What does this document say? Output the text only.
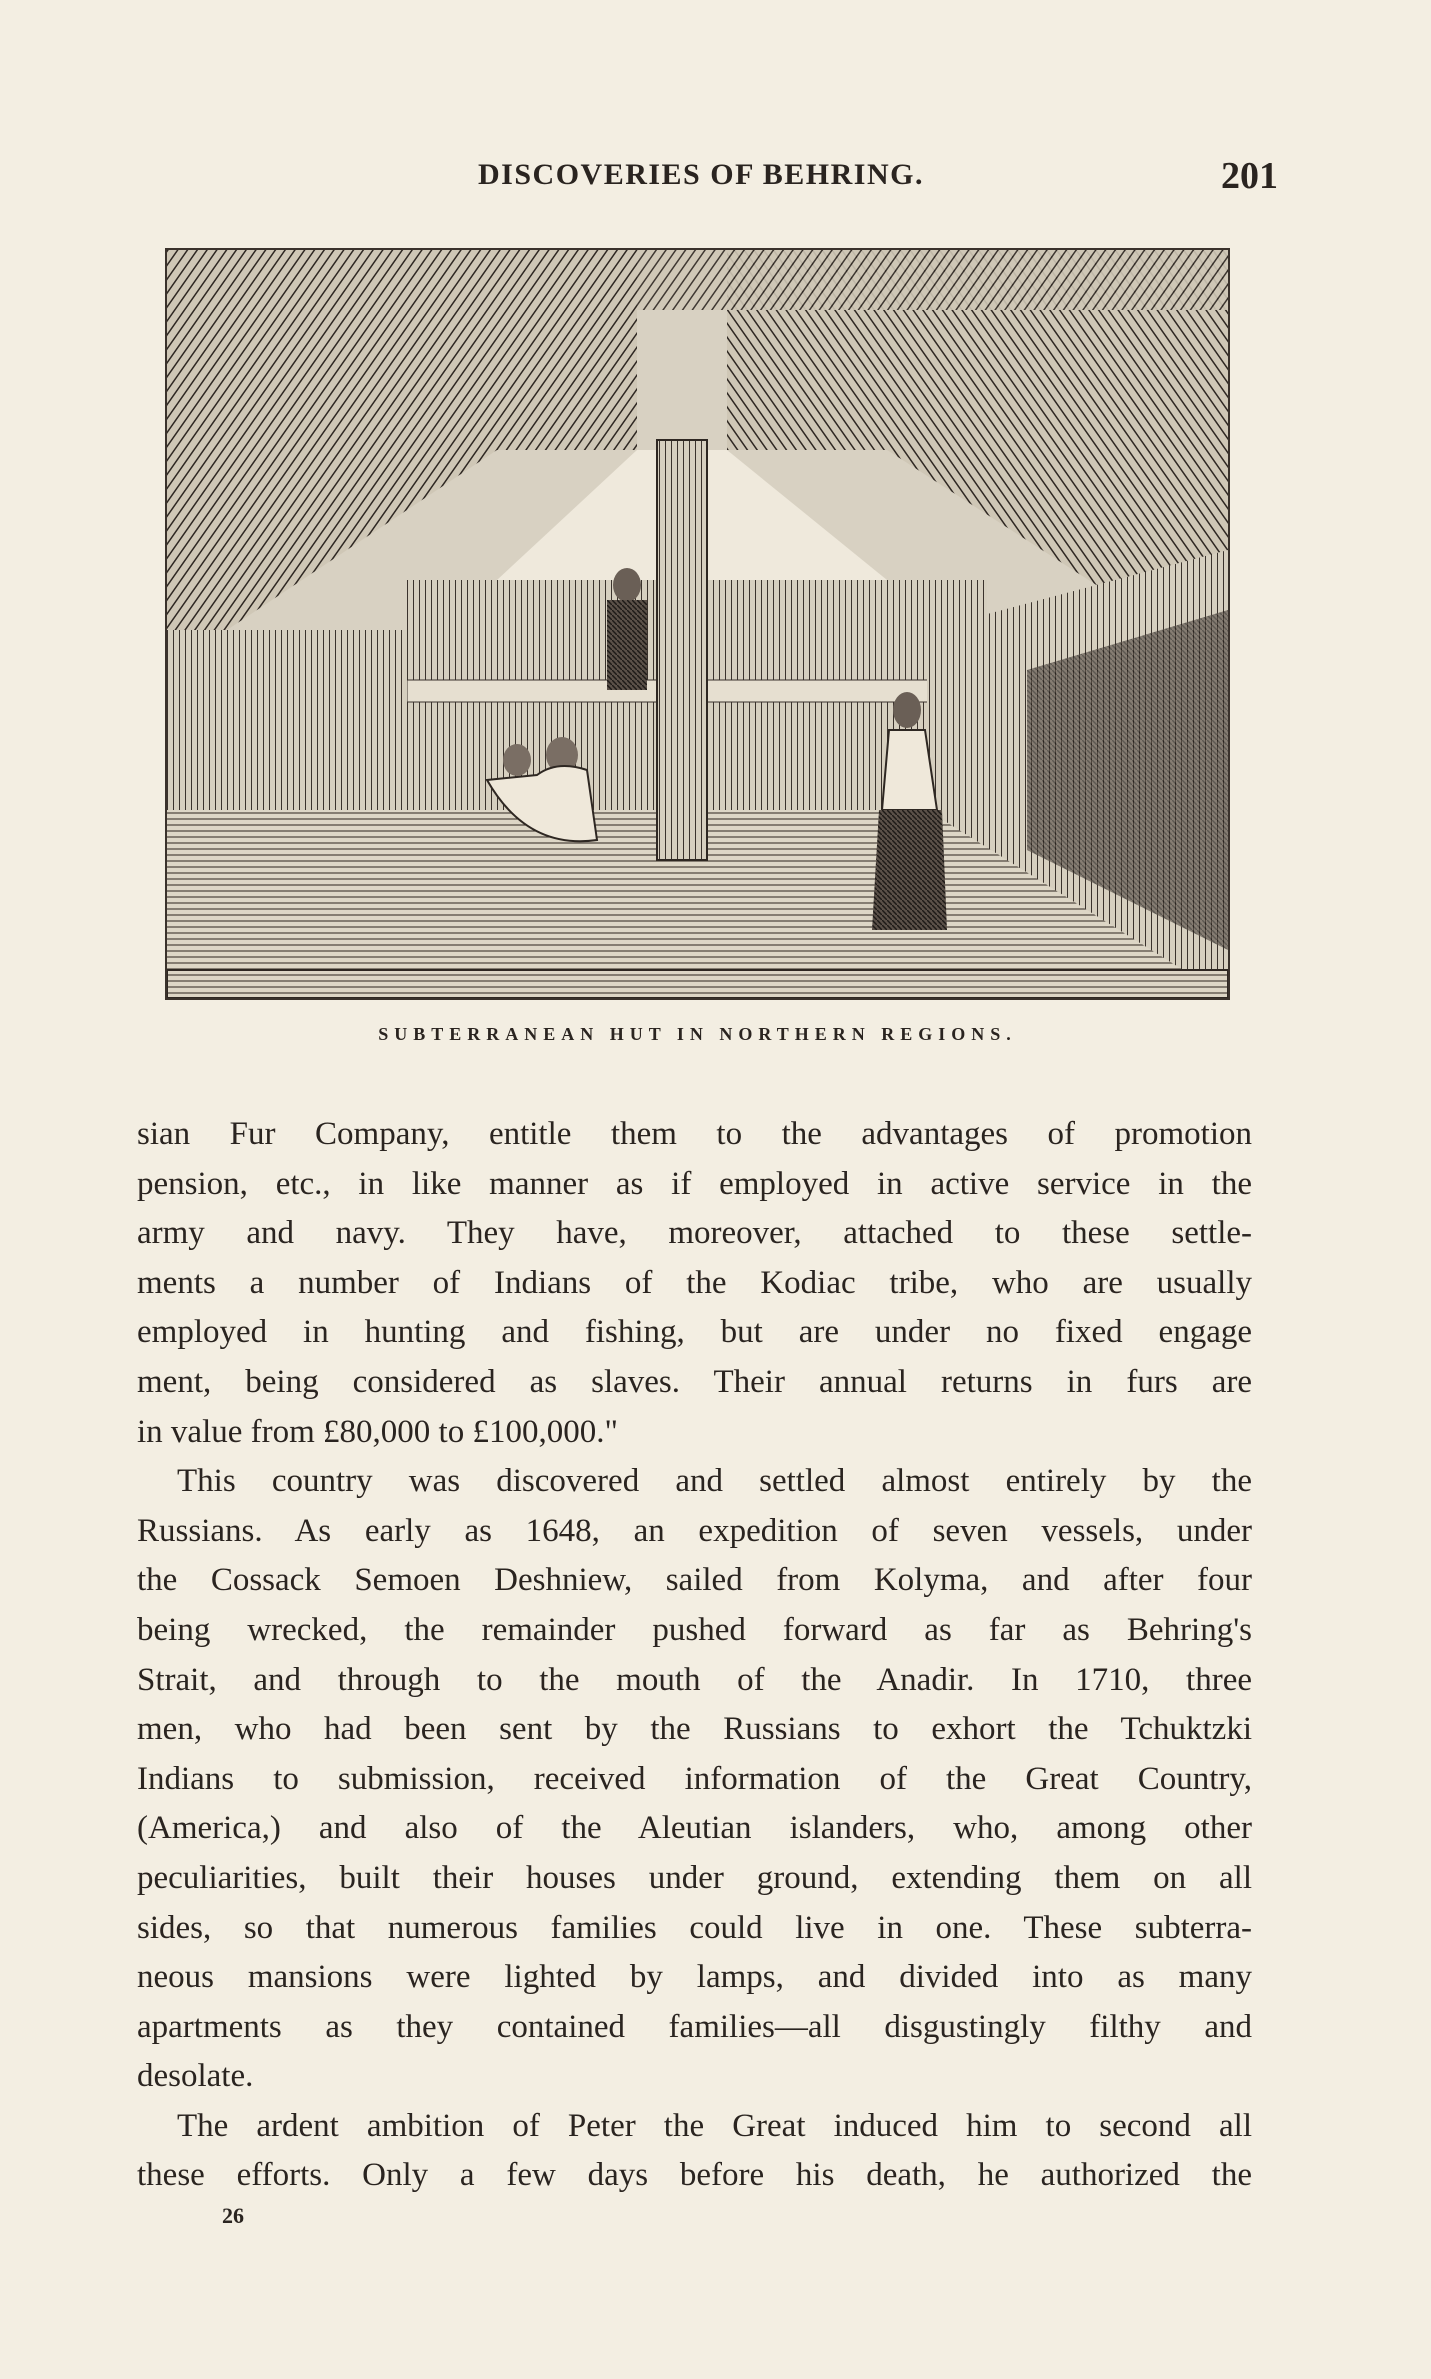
DISCOVERIES OF BEHRING.	201
SUBTERRANEAN HUT IN NORTHERN REGIONS.
sian Fur Company, entitle them to the advantages of promotion
pension, etc., in like manner as if employed in active service in the
army and navy. They have, moreover, attached to these settle-
ments a number of Indians of the Kodiac tribe, who are usually
employed in hunting and fishing, but are under no fixed engage
ment, being considered as slaves. Their annual returns in furs are
in value from £80,000 to £100,000."
This country was discovered and settled almost entirely by the
Russians. As early as 1648, an expedition of seven vessels, under
the Cossack Semoen Deshniew, sailed from Kolyma, and after four
being wrecked, the remainder pushed forward as far as Behring's
Strait, and through to the mouth of the Anadir. In 1710, three
men, who had been sent by the Russians to exhort the Tchuktzki
Indians to submission, received information of the Great Country,
(America,) and also of the Aleutian islanders, who, among other
peculiarities, built their houses under ground, extending them on all
sides, so that numerous families could live in one. These subterra-
neous mansions were lighted by lamps, and divided into as many
apartments as they contained families—all disgustingly filthy and
desolate.
The ardent ambition of Peter the Great induced him to second all
these efforts. Only a few days before his death, he authorized the
26
